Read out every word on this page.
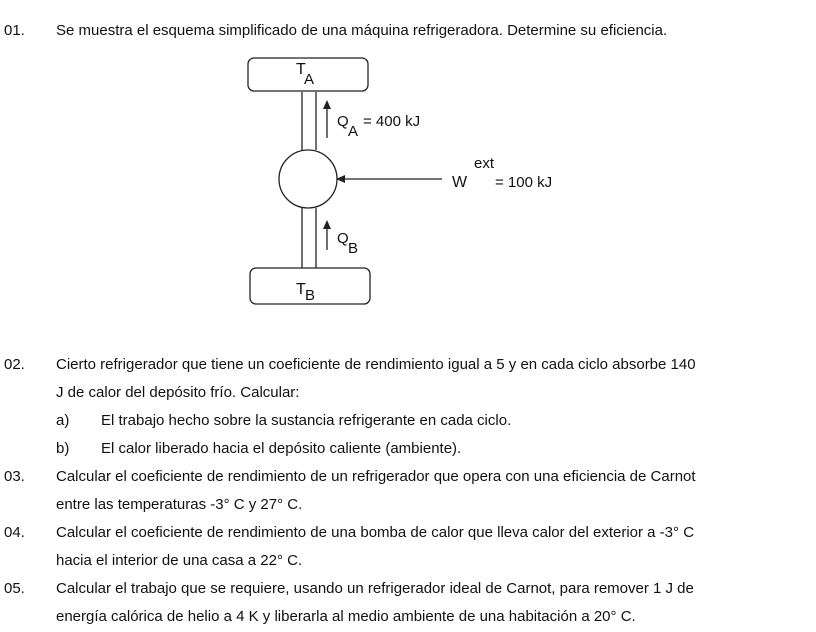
01. Se muestra el esquema simplificado de una máquina refrigeradora. Determine su eficiencia.
T
A
Q
A
= 400 kJ
W
ext
= 100 kJ
Q
B
T B
02. Cierto refrigerador que tiene un coeficiente de rendimiento igual a 5 y en cada ciclo absorbe 140
J de calor del depósito frío. Calcular:
a) El trabajo hecho sobre la sustancia refrigerante en cada ciclo.
b) El calor liberado hacia el depósito caliente (ambiente).
03. Calcular el coeficiente de rendimiento de un refrigerador que opera con una eficiencia de Carnot
entre las temperaturas -3° C y 27° C.
04. Calcular el coeficiente de rendimiento de una bomba de calor que lleva calor del exterior a -3° C
hacia el interior de una casa a 22° C.
05. Calcular el trabajo que se requiere, usando un refrigerador ideal de Carnot, para remover 1 J de
energía calórica de helio a 4 K y liberarla al medio ambiente de una habitación a 20° C.
